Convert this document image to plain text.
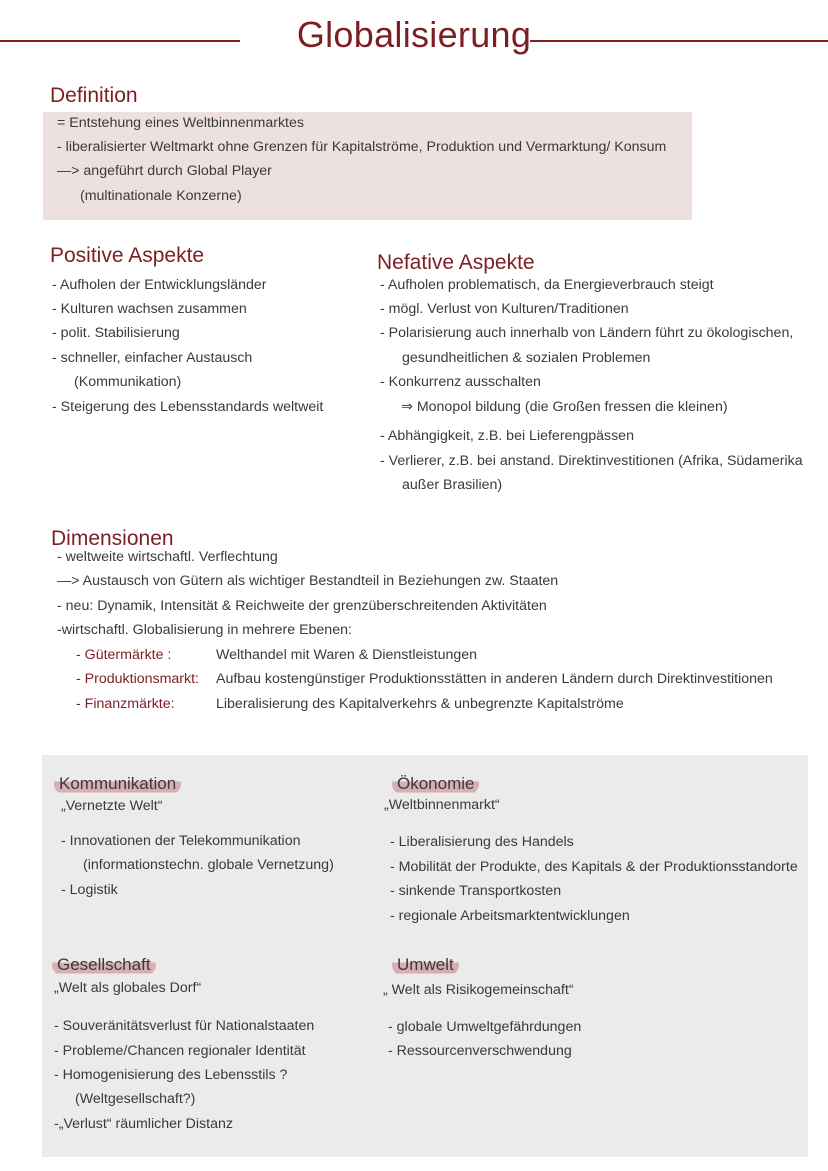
Globalisierung
Definition
= Entstehung eines Weltbinnenmarktes
- liberalisierter Weltmarkt ohne Grenzen für Kapitalströme, Produktion und Vermarktung/ Konsum
—> angeführt durch Global Player
(multinationale Konzerne)
Positive Aspekte
- Aufholen der Entwicklungsländer
- Kulturen wachsen zusammen
- polit. Stabilisierung
- schneller, einfacher Austausch
(Kommunikation)
- Steigerung des Lebensstandards weltweit
Nefative Aspekte
- Aufholen problematisch, da Energieverbrauch steigt
- mögl. Verlust von Kulturen/Traditionen
- Polarisierung auch innerhalb von Ländern führt zu ökologischen,
gesundheitlichen & sozialen Problemen
- Konkurrenz ausschalten
⇒ Monopol bildung (die Großen fressen die kleinen)
- Abhängigkeit, z.B. bei Lieferengpässen
- Verlierer, z.B. bei anstand. Direktinvestitionen (Afrika, Südamerika
außer Brasilien)
Dimensionen
- weltweite wirtschaftl. Verflechtung
—> Austausch von Gütern als wichtiger Bestandteil in Beziehungen zw. Staaten
- neu: Dynamik, Intensität & Reichweite der grenzüberschreitenden Aktivitäten
-wirtschaftl. Globalisierung in mehrere Ebenen:
- Gütermärkte :	Welthandel mit Waren & Dienstleistungen
- Produktionsmarkt: Aufbau kostengünstiger Produktionsstätten in anderen Ländern durch Direktinvestitionen
- Finanzmärkte:	Liberalisierung des Kapitalverkehrs & unbegrenzte Kapitalströme
Kommunikation
„Vernetzte Welt“
- Innovationen der Telekommunikation
(informationstechn. globale Vernetzung)
- Logistik
Ökonomie
„Weltbinnenmarkt“
- Liberalisierung des Handels
- Mobilität der Produkte, des Kapitals & der Produktionsstandorte
- sinkende Transportkosten
- regionale Arbeitsmarktentwicklungen
Gesellschaft
„Welt als globales Dorf“
- Souveränitätsverlust für Nationalstaaten
- Probleme/Chancen regionaler Identität
- Homogenisierung des Lebensstils ?
(Weltgesellschaft?)
-„Verlust“ räumlicher Distanz
Umwelt
„ Welt als Risikogemeinschaft“
- globale Umweltgefährdungen
- Ressourcenverschwendung
